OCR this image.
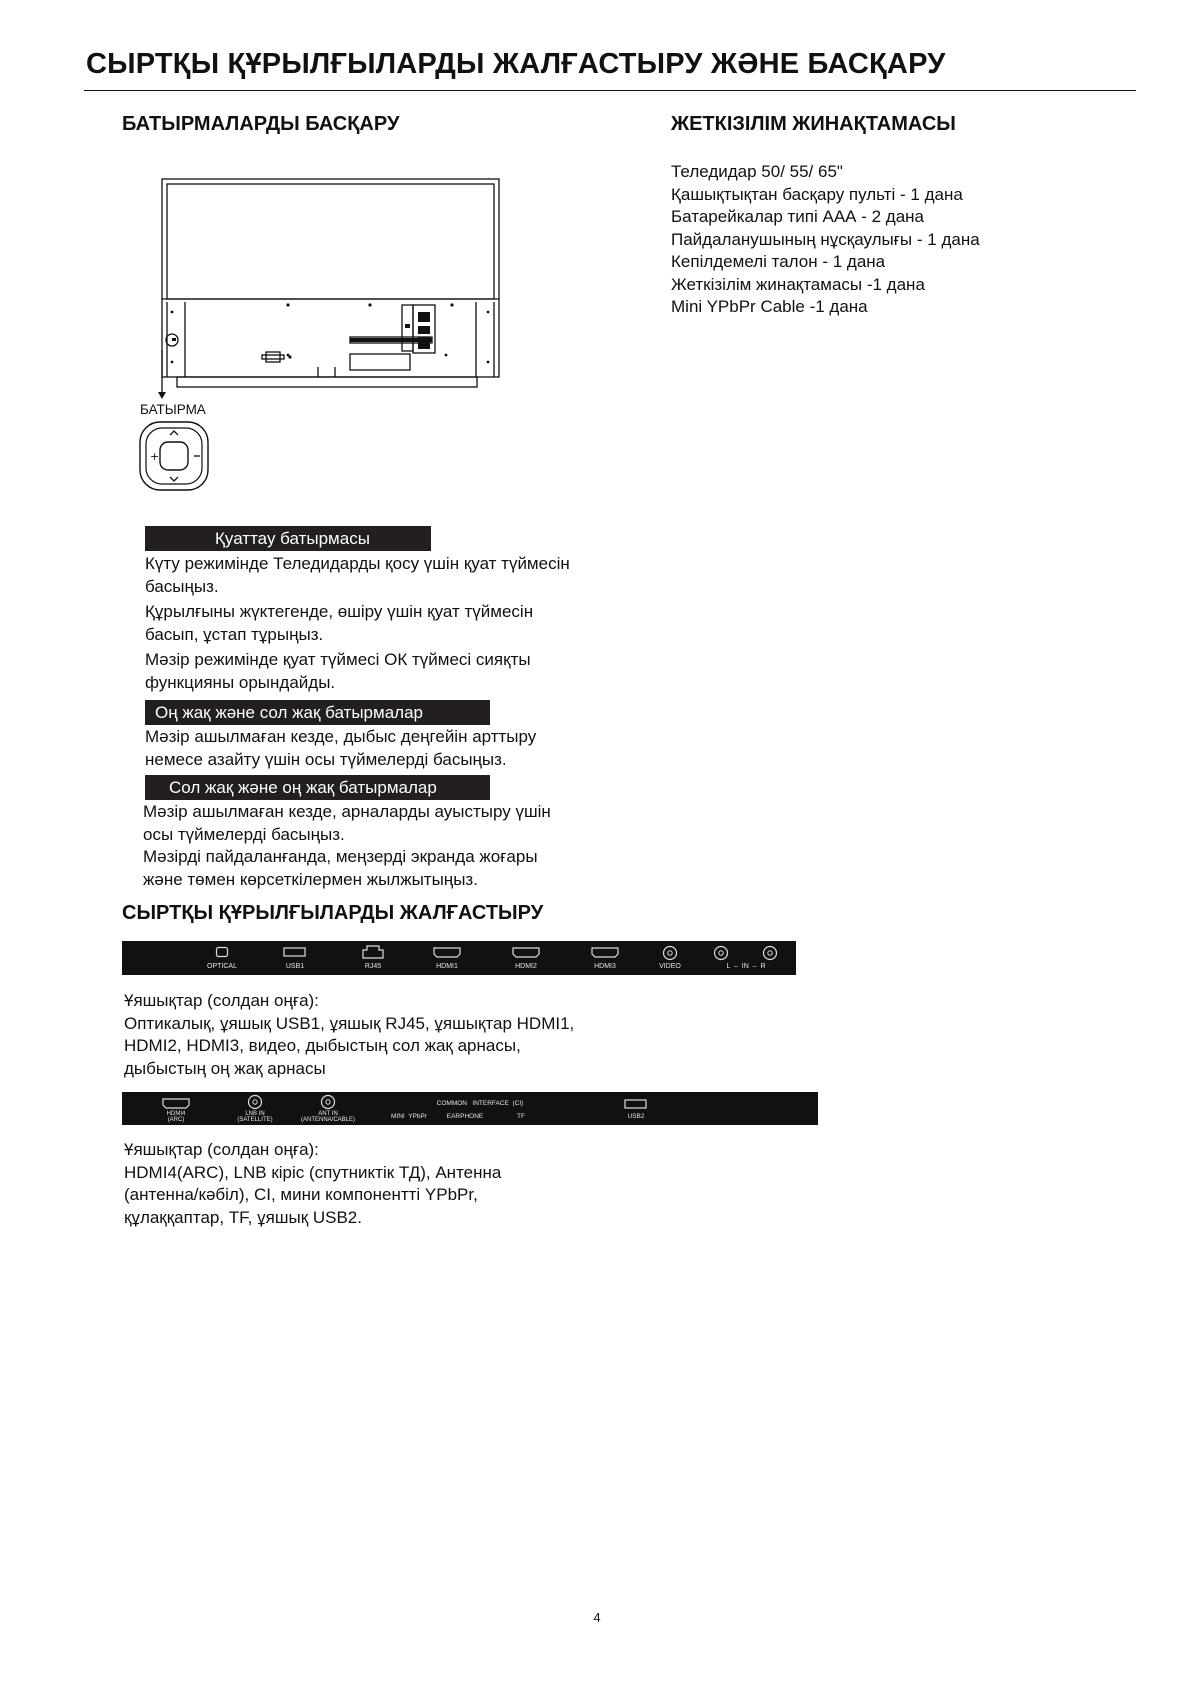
СЫРТҚЫ ҚҰРЫЛҒЫЛАРДЫ ЖАЛҒАСТЫРУ ЖӘНЕ БАСҚАРУ
БАТЫРМАЛАРДЫ БАСҚАРУ
БАТЫРМА
+
Қуаттау батырмасы
Күту режимінде Теледидарды қосу үшін қуат түймесін
басыңыз.
Құрылғыны жүктегенде, өшіру үшін қуат түймесін
басып, ұстап тұрыңыз.
Мәзір режимінде қуат түймесі ОК түймесі сияқты
функцияны орындайды.
Оң жақ және сол жақ батырмалар
Мәзір ашылмаған кезде, дыбыс деңгейін арттыру
немесе азайту үшін осы түймелерді басыңыз.
Сол жақ және оң жақ батырмалар
Мәзір ашылмаған кезде, арналарды ауыстыру үшін
осы түймелерді басыңыз.
Мәзірді пайдаланғанда, меңзерді экранда жоғары
және төмен көрсеткілермен жылжытыңыз.
ЖЕТКІЗІЛІМ ЖИНАҚТАМАСЫ
Теледидар 50/ 55/ 65"
Қашықтықтан басқару пульті - 1 дана
Батарейкалар типі ААА - 2 дана
Пайдаланушының нұсқаулығы - 1 дана
Кепілдемелі талон - 1 дана
Жеткізілім жинақтамасы -1 дана
Mini YPbPr Cable -1 дана
СЫРТҚЫ ҚҰРЫЛҒЫЛАРДЫ ЖАЛҒАСТЫРУ
OPTICAL	USB1	RJ45	HDMI1	HDMI2	HDMI3	VIDEO	L  –  IN  –  R
Ұяшықтар (солдан оңға):
Оптикалық, ұяшық USB1, ұяшық RJ45, ұяшықтар HDMI1,
HDMI2, HDMI3, видео, дыбыстың сол жақ арнасы,
дыбыстың оң жақ арнасы
HDMI4
(ARC)
LNB IN
(SATELLITE)
ANT IN
(ANTENNA/CABLE)
COMMON   INTERFACE  (CI)
MINI  YPbPr	EARPHONE	TF	USB2
Ұяшықтар (солдан оңға):
HDMI4(ARC), LNB кіріс (спутниктік ТД), Антенна
(антенна/кәбіл), CI, мини компонентті YPbPr,
құлаққаптар, TF, ұяшық USB2.
4
